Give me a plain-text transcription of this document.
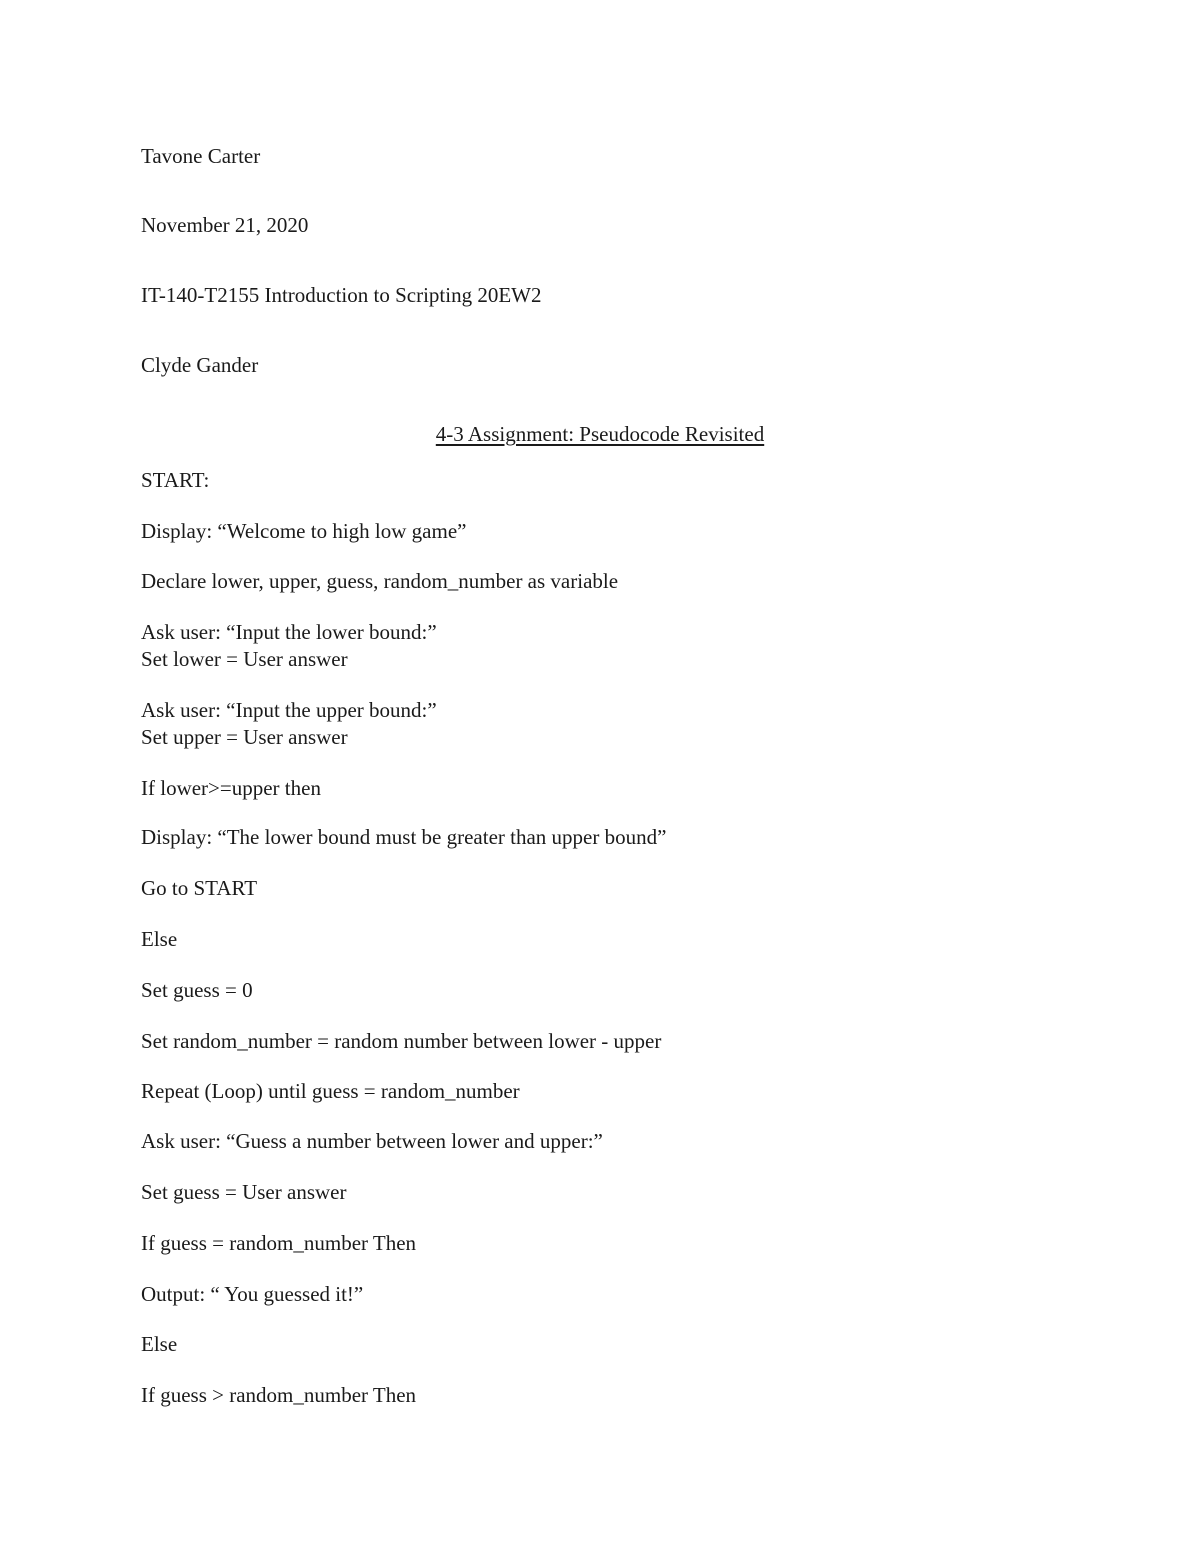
Tavone Carter
November 21, 2020
IT-140-T2155 Introduction to Scripting 20EW2
Clyde Gander
4-3 Assignment: Pseudocode Revisited
START:
Display: “Welcome to high low game”
Declare lower, upper, guess, random_number as variable
Ask user: “Input the lower bound:”
Set lower = User answer
Ask user: “Input the upper bound:”
Set upper = User answer
If lower>=upper then
Display: “The lower bound must be greater than upper bound”
Go to START
Else
Set guess = 0
Set random_number = random number between lower - upper
Repeat (Loop) until guess = random_number
Ask user: “Guess a number between lower and upper:”
Set guess = User answer
If guess = random_number Then
Output: “ You guessed it!”
Else
If guess > random_number Then
